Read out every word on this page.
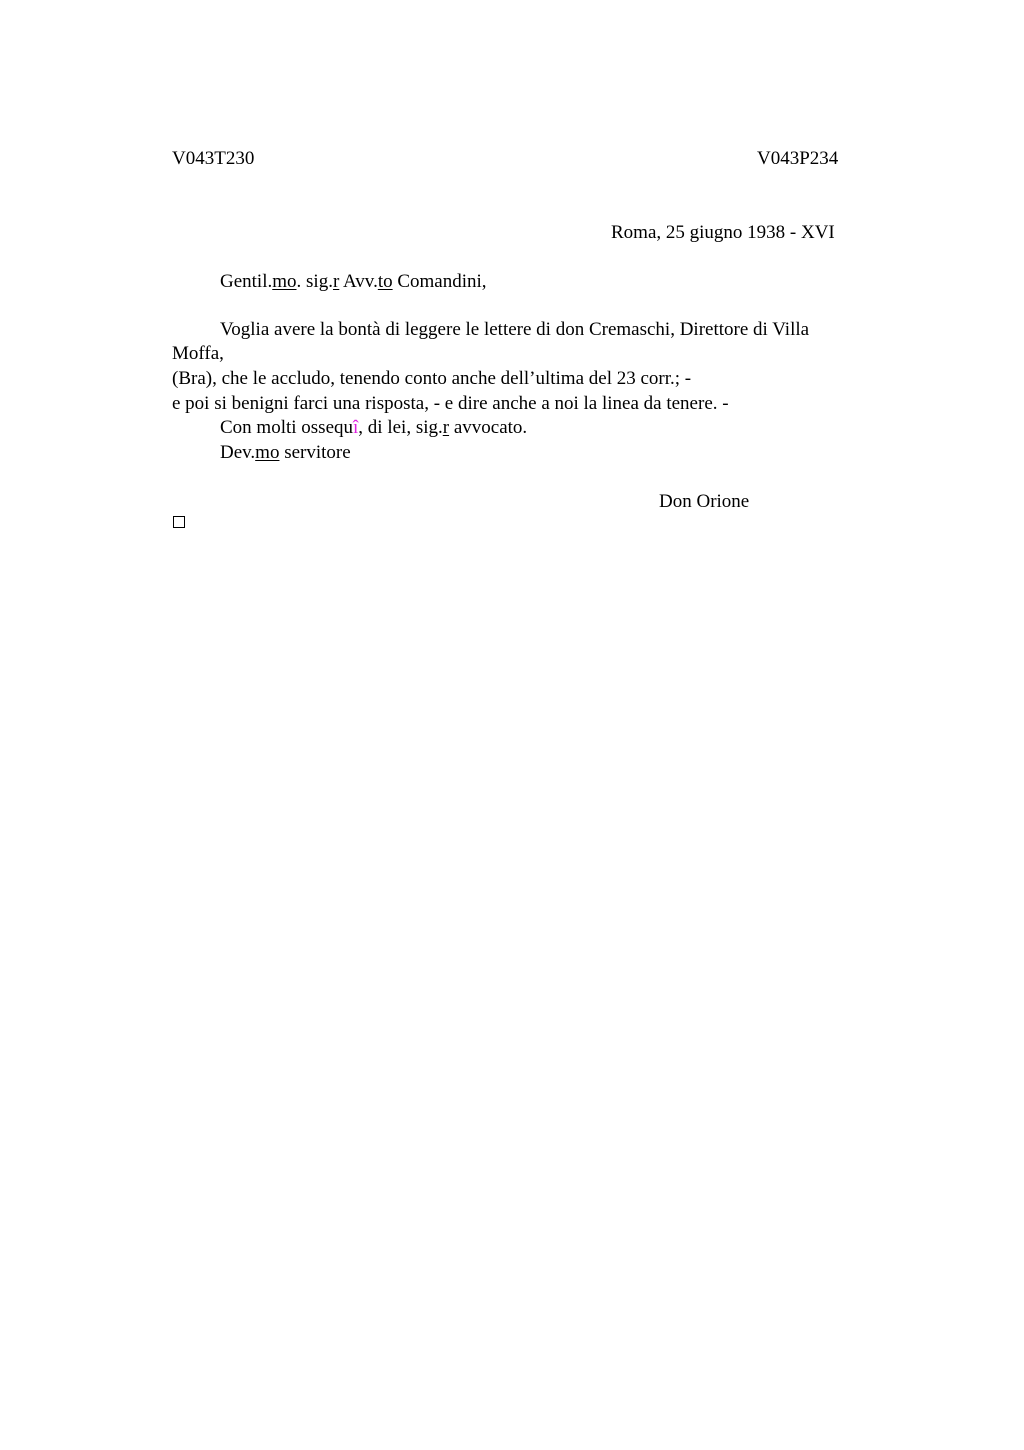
V043T230	V043P234
Roma, 25 giugno 1938 - XVI
Gentil.mo. sig.r Avv.to Comandini,
Voglia avere la bontà di leggere le lettere di don Cremaschi, Direttore di Villa
Moffa,
(Bra), che le accludo, tenendo conto anche dell’ultima del 23 corr.; -
e poi si benigni farci una risposta, - e dire anche a noi la linea da tenere. -
Con molti ossequî, di lei, sig.r avvocato.
Dev.mo servitore
Don Orione
